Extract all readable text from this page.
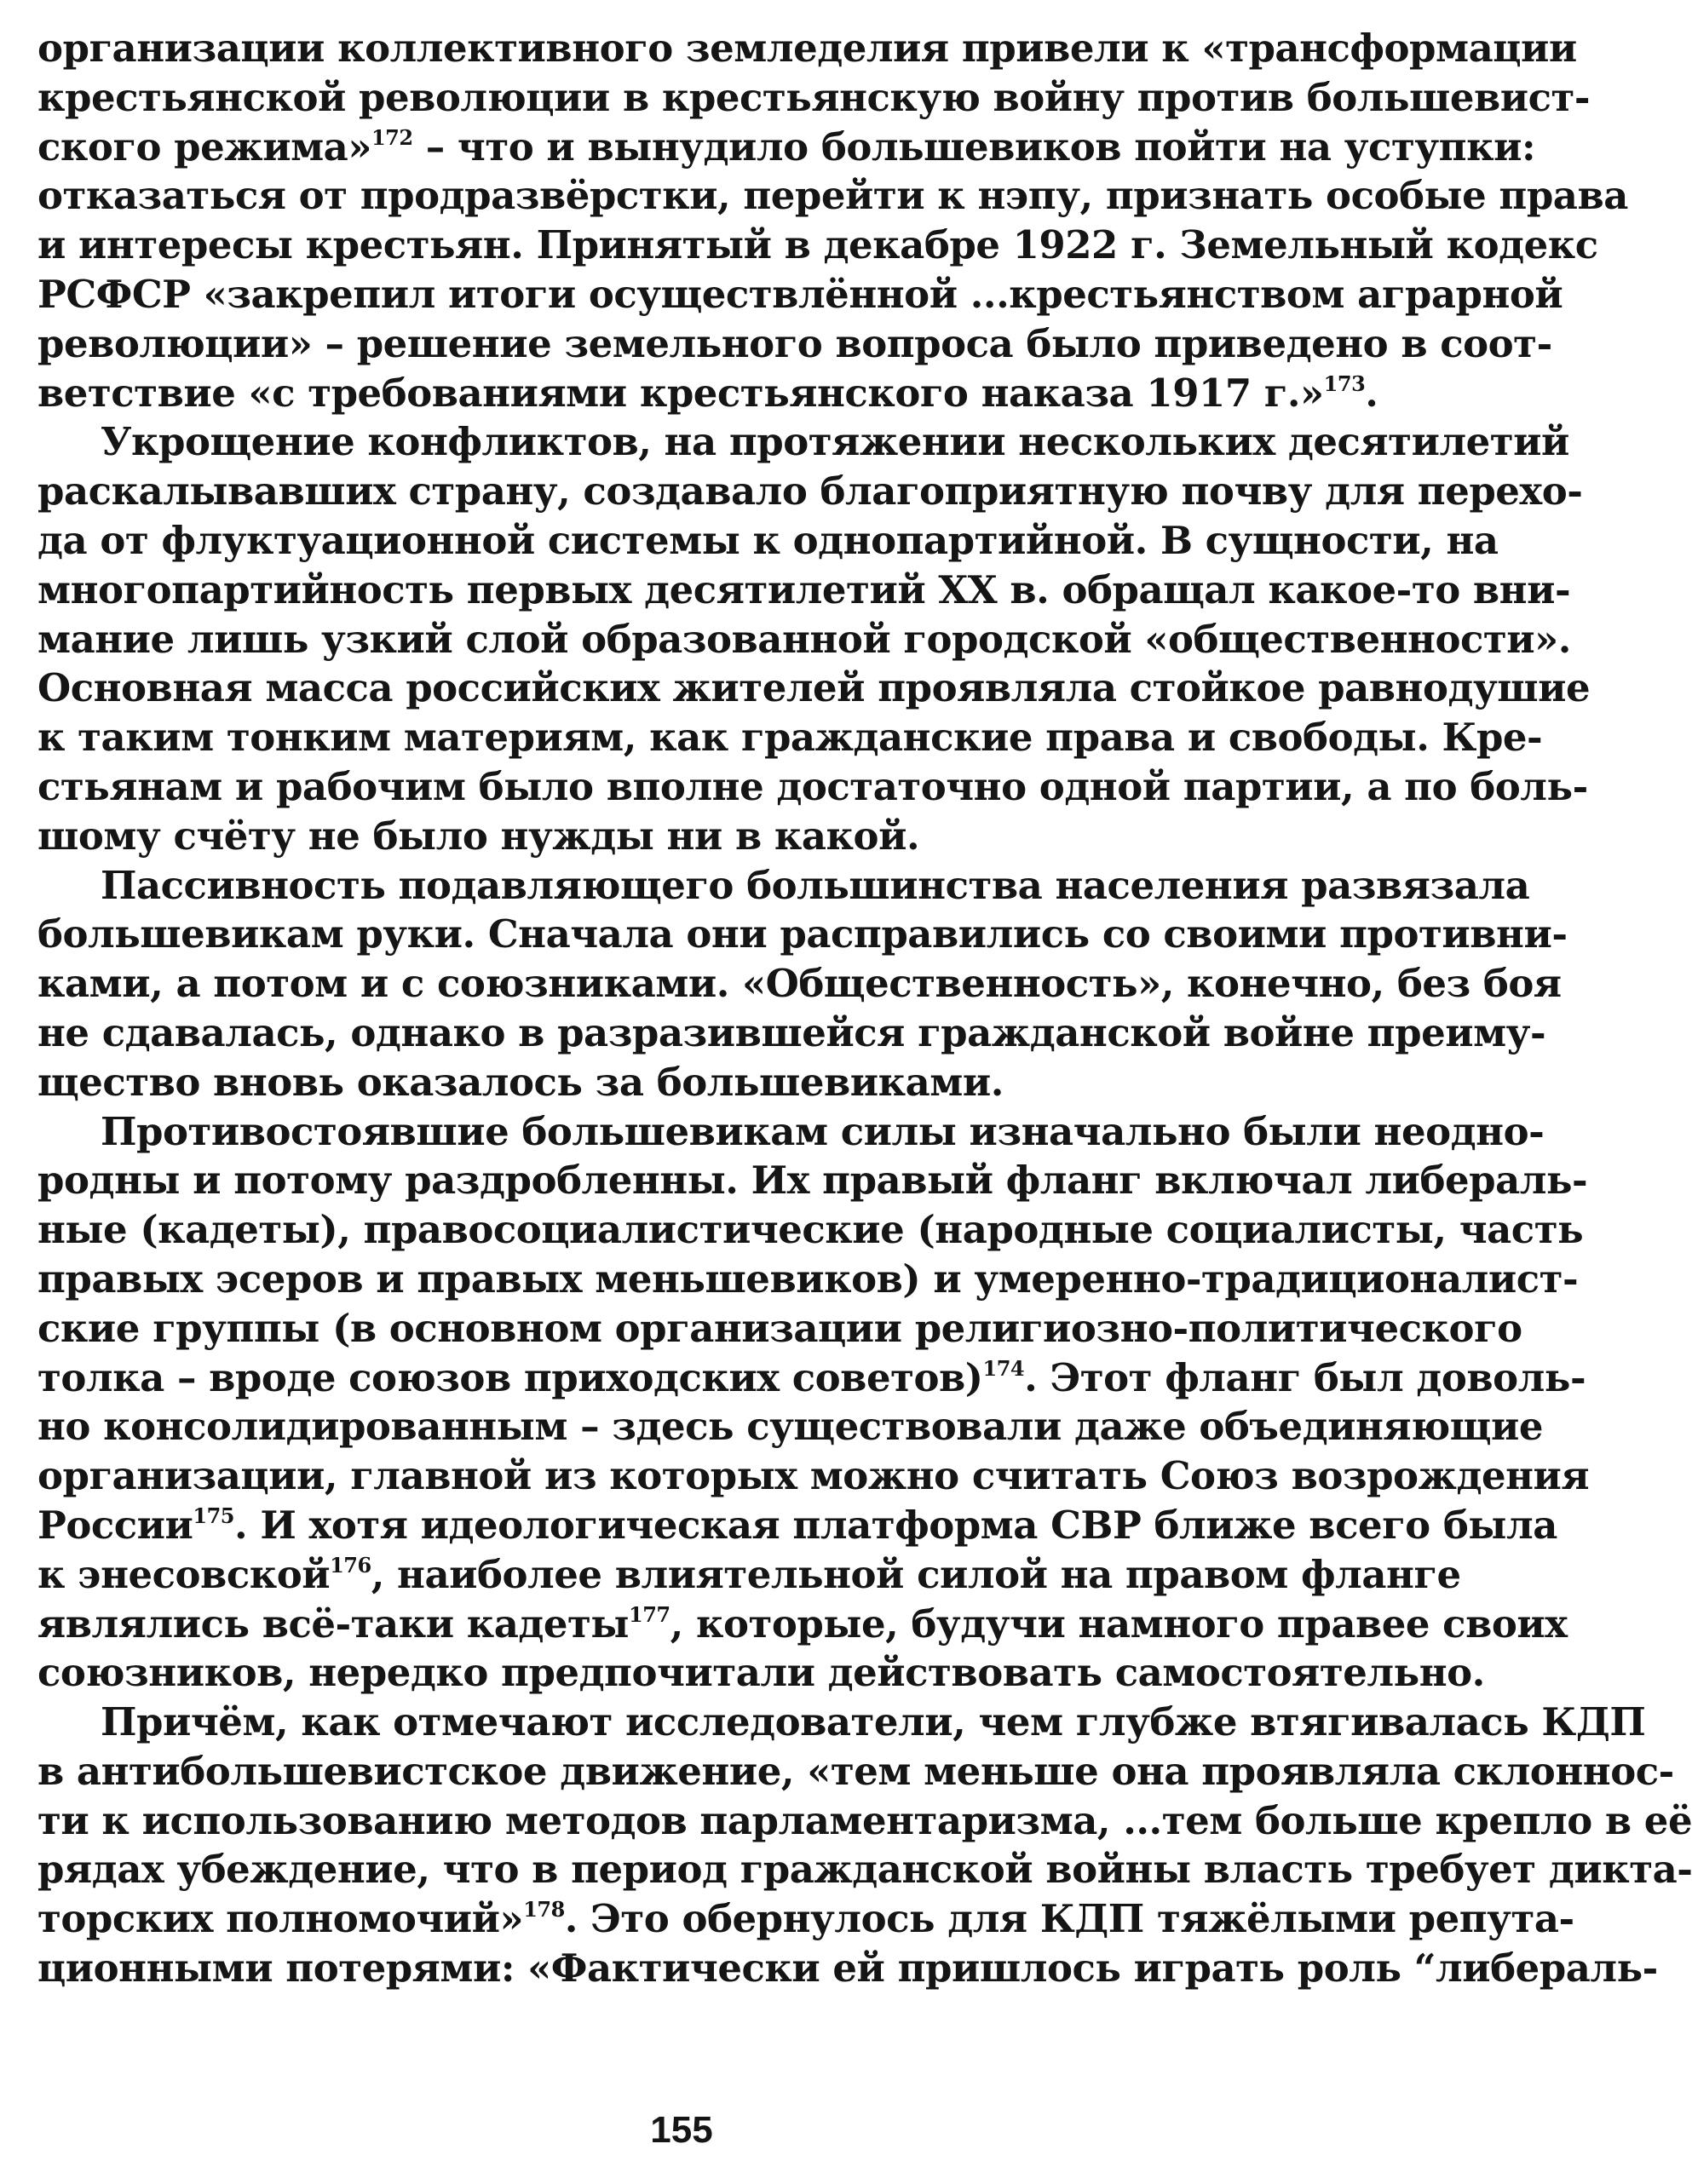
организации коллективного земледелия привели к «трансформации
крестьянской революции в крестьянскую войну против большевист-
ского режима»$^{172}$ – что и вынудило большевиков пойти на уступки:
отказаться от продразвёрстки, перейти к нэпу, признать особые права
и интересы крестьян. Принятый в декабре 1922 г. Земельный кодекс
РСФСР «закрепил итоги осуществлённой ...крестьянством аграрной
революции» – решение земельного вопроса было приведено в соот-
ветствие «с требованиями крестьянского наказа 1917 г.»$^{173}$.
Укрощение конфликтов, на протяжении нескольких десятилетий
раскалывавших страну, создавало благоприятную почву для перехо-
да от флуктуационной системы к однопартийной. В сущности, на
многопартийность первых десятилетий XX в. обращал какое-то вни-
мание лишь узкий слой образованной городской «общественности».
Основная масса российских жителей проявляла стойкое равнодушие
к таким тонким материям, как гражданские права и свободы. Кре-
стьянам и рабочим было вполне достаточно одной партии, а по боль-
шому счёту не было нужды ни в какой.
Пассивность подавляющего большинства населения развязала
большевикам руки. Сначала они расправились со своими противни-
ками, а потом и с союзниками. «Общественность», конечно, без боя
не сдавалась, однако в разразившейся гражданской войне преиму-
щество вновь оказалось за большевиками.
Противостоявшие большевикам силы изначально были неодно-
родны и потому раздробленны. Их правый фланг включал либераль-
ные (кадеты), правосоциалистические (народные социалисты, часть
правых эсеров и правых меньшевиков) и умеренно-традиционалист-
ские группы (в основном организации религиозно-политического
толка – вроде союзов приходских советов)$^{174}$. Этот фланг был доволь-
но консолидированным – здесь существовали даже объединяющие
организации, главной из которых можно считать Союз возрождения
России$^{175}$. И хотя идеологическая платформа СВР ближе всего была
к энесовской$^{176}$, наиболее влиятельной силой на правом фланге
являлись всё-таки кадеты$^{177}$, которые, будучи намного правее своих
союзников, нередко предпочитали действовать самостоятельно.
Причём, как отмечают исследователи, чем глубже втягивалась КДП
в антибольшевистское движение, «тем меньше она проявляла склоннос-
ти к использованию методов парламентаризма, ...тем больше крепло в её
рядах убеждение, что в период гражданской войны власть требует дикта-
торских полномочий»$^{178}$. Это обернулось для КДП тяжёлыми репута-
ционными потерями: «Фактически ей пришлось играть роль “либераль-
155
